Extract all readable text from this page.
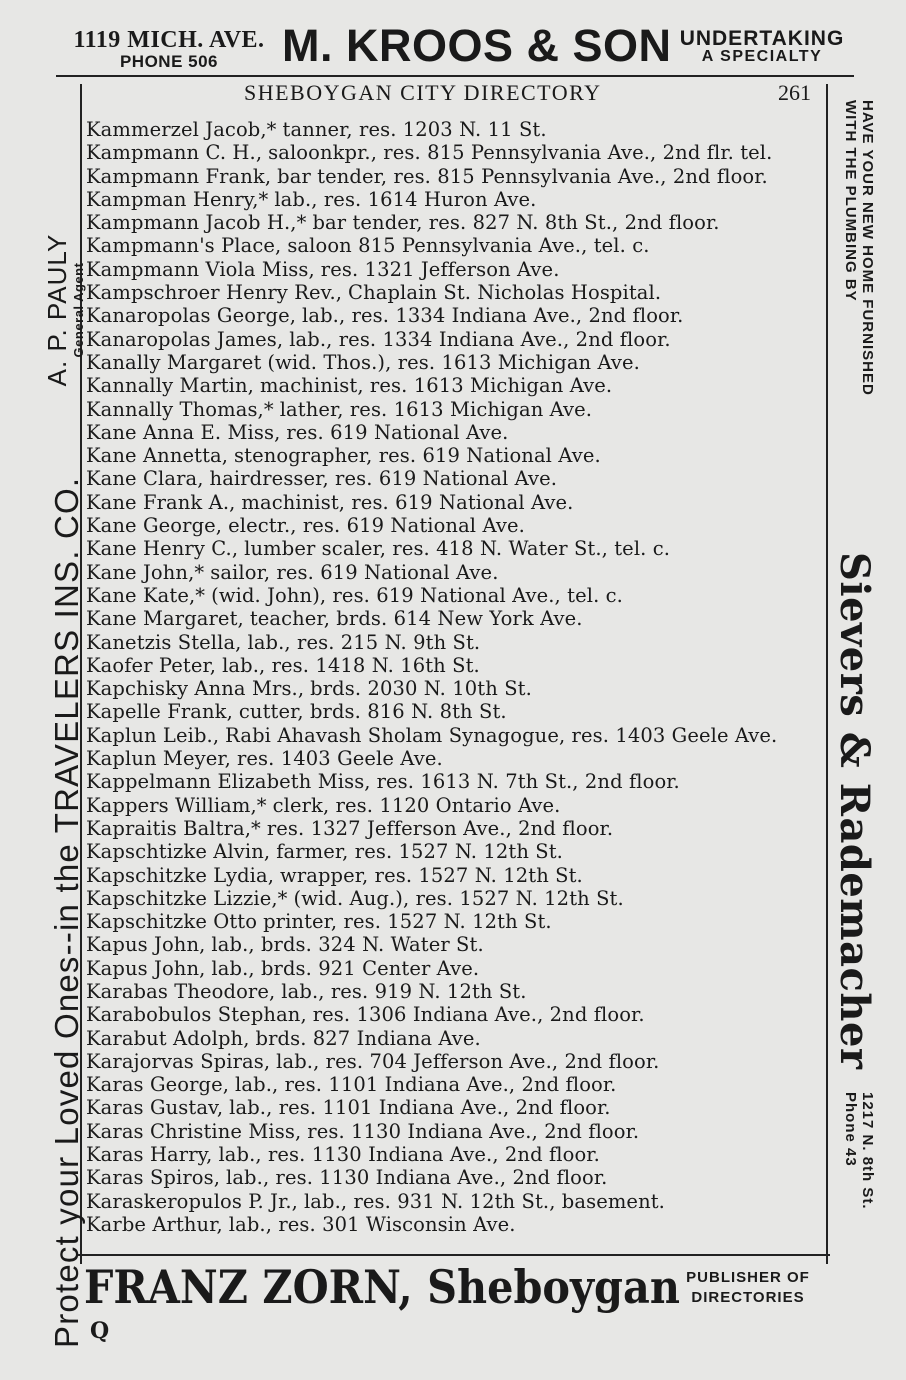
1119 MICH. AVE.
PHONE 506	M. KROOS & SON UNDERTAKING
A SPECIALTY
SHEBOYGAN CITY DIRECTORY	261
Kammerzel Jacob,* tanner, res. 1203 N. 11 St.
Kampmann C. H., saloonkpr., res. 815 Pennsylvania Ave., 2nd flr. tel.
Kampmann Frank, bar tender, res. 815 Pennsylvania Ave., 2nd floor.
Kampman Henry,* lab., res. 1614 Huron Ave.
Kampmann Jacob H.,* bar tender, res. 827 N. 8th St., 2nd floor.
Kampmann's Place, saloon 815 Pennsylvania Ave., tel. c.
Kampmann Viola Miss, res. 1321 Jefferson Ave.
Kampschroer Henry Rev., Chaplain St. Nicholas Hospital.
Kanaropolas George, lab., res. 1334 Indiana Ave., 2nd floor.
Kanaropolas James, lab., res. 1334 Indiana Ave., 2nd floor.
Kanally Margaret (wid. Thos.), res. 1613 Michigan Ave.
Kannally Martin, machinist, res. 1613 Michigan Ave.
Kannally Thomas,* lather, res. 1613 Michigan Ave.
Kane Anna E. Miss, res. 619 National Ave.
Kane Annetta, stenographer, res. 619 National Ave.
Kane Clara, hairdresser, res. 619 National Ave.
Kane Frank A., machinist, res. 619 National Ave.
Kane George, electr., res. 619 National Ave.
Kane Henry C., lumber scaler, res. 418 N. Water St., tel. c.
Kane John,* sailor, res. 619 National Ave.
Kane Kate,* (wid. John), res. 619 National Ave., tel. c.
Kane Margaret, teacher, brds. 614 New York Ave.
Kanetzis Stella, lab., res. 215 N. 9th St.
Kaofer Peter, lab., res. 1418 N. 16th St.
Kapchisky Anna Mrs., brds. 2030 N. 10th St.
Kapelle Frank, cutter, brds. 816 N. 8th St.
Kaplun Leib., Rabi Ahavash Sholam Synagogue, res. 1403 Geele Ave.
Kaplun Meyer, res. 1403 Geele Ave.
Kappelmann Elizabeth Miss, res. 1613 N. 7th St., 2nd floor.
Kappers William,* clerk, res. 1120 Ontario Ave.
Kapraitis Baltra,* res. 1327 Jefferson Ave., 2nd floor.
Kapschtizke Alvin, farmer, res. 1527 N. 12th St.
Kapschitzke Lydia, wrapper, res. 1527 N. 12th St.
Kapschitzke Lizzie,* (wid. Aug.), res. 1527 N. 12th St.
Kapschitzke Otto printer, res. 1527 N. 12th St.
Kapus John, lab., brds. 324 N. Water St.
Kapus John, lab., brds. 921 Center Ave.
Karabas Theodore, lab., res. 919 N. 12th St.
Karabobulos Stephan, res. 1306 Indiana Ave., 2nd floor.
Karabut Adolph, brds. 827 Indiana Ave.
Karajorvas Spiras, lab., res. 704 Jefferson Ave., 2nd floor.
Karas George, lab., res. 1101 Indiana Ave., 2nd floor.
Karas Gustav, lab., res. 1101 Indiana Ave., 2nd floor.
Karas Christine Miss, res. 1130 Indiana Ave., 2nd floor.
Karas Harry, lab., res. 1130 Indiana Ave., 2nd floor.
Karas Spiros, lab., res. 1130 Indiana Ave., 2nd floor.
Karaskeropulos P. Jr., lab., res. 931 N. 12th St., basement.
Karbe Arthur, lab., res. 301 Wisconsin Ave.
Protect your Loved Ones--in the TRAVELERS INS. CO.
A. P. PAULY General Agent	HAVE YOUR NEW HOME FURNISHED
WITH THE PLUMBING BY
Sievers & Rademacher
1217 N. 8th St.
Phone 43
FRANZ ZORN, Sheboygan PUBLISHER OF
DIRECTORIES
Q
